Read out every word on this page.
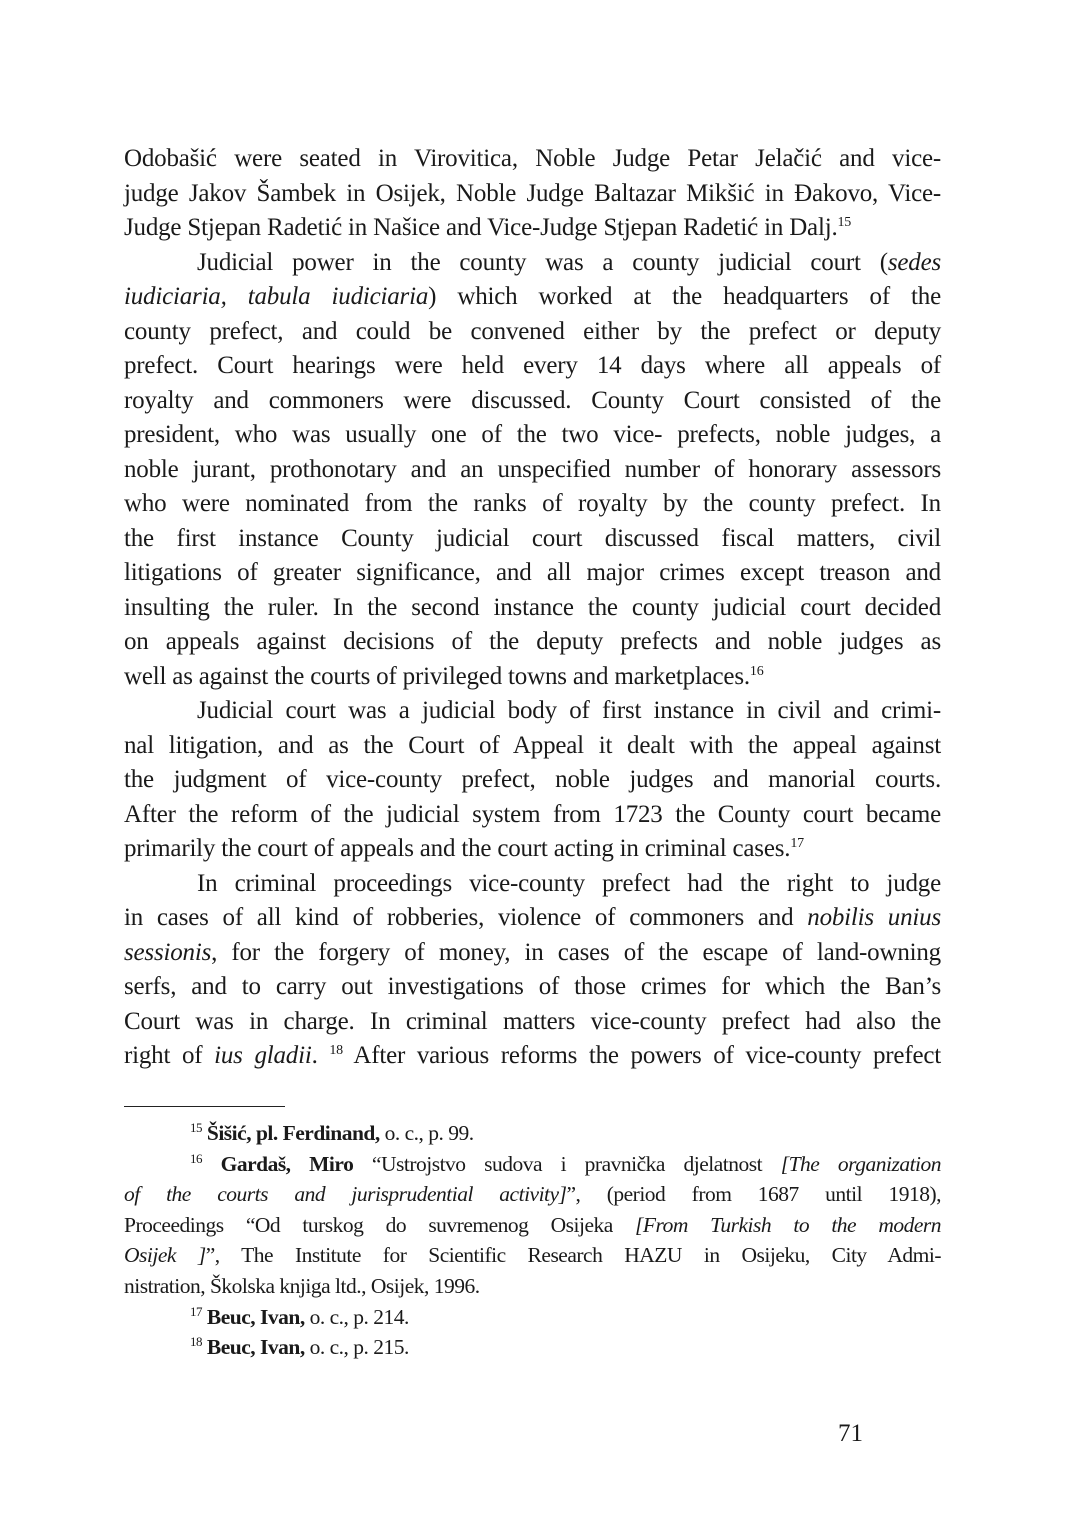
Odobašić were seated in Virovitica, Noble Judge Petar Jelačić and vice-
judge Jakov Šambek in Osijek, Noble Judge Baltazar Mikšić in Đakovo, Vice-
Judge Stjepan Radetić in Našice and Vice-Judge Stjepan Radetić in Dalj.$^{15}$
Judicial power in the county was a county judicial court (sedes
iudiciaria, tabula iudiciaria) which worked at the headquarters of the
county prefect, and could be convened either by the prefect or deputy
prefect. Court hearings were held every 14 days where all appeals of
royalty and commoners were discussed. County Court consisted of the
president, who was usually one of the two vice- prefects, noble judges, a
noble jurant, prothonotary and an unspecified number of honorary assessors
who were nominated from the ranks of royalty by the county prefect. In
the first instance County judicial court discussed fiscal matters, civil
litigations of greater significance, and all major crimes except treason and
insulting the ruler. In the second instance the county judicial court decided
on appeals against decisions of the deputy prefects and noble judges as
well as against the courts of privileged towns and marketplaces.$^{16}$
Judicial court was a judicial body of first instance in civil and crimi-
nal litigation, and as the Court of Appeal it dealt with the appeal against
the judgment of vice-county prefect, noble judges and manorial courts.
After the reform of the judicial system from 1723 the County court became
primarily the court of appeals and the court acting in criminal cases.$^{17}$
In criminal proceedings vice-county prefect had the right to judge
in cases of all kind of robberies, violence of commoners and nobilis unius
sessionis, for the forgery of money, in cases of the escape of land-owning
serfs, and to carry out investigations of those crimes for which the Ban’s
Court was in charge. In criminal matters vice-county prefect had also the
right of ius gladii. $^{18}$ After various reforms the powers of vice-county prefect
$^{15}$ Šišić, pl. Ferdinand, o. c., p. 99.
$^{16}$ Gardaš, Miro “Ustrojstvo sudova i pravnička djelatnost [The organization
of the courts and jurisprudential activity]”, (period from 1687 until 1918),
Proceedings “Od turskog do suvremenog Osijeka [From Turkish to the modern
Osijek ]”, The Institute for Scientific Research HAZU in Osijeku, City Admi-
nistration, Školska knjiga ltd., Osijek, 1996.
$^{17}$ Beuc, Ivan, o. c., p. 214.
$^{18}$ Beuc, Ivan, o. c., p. 215.
71
